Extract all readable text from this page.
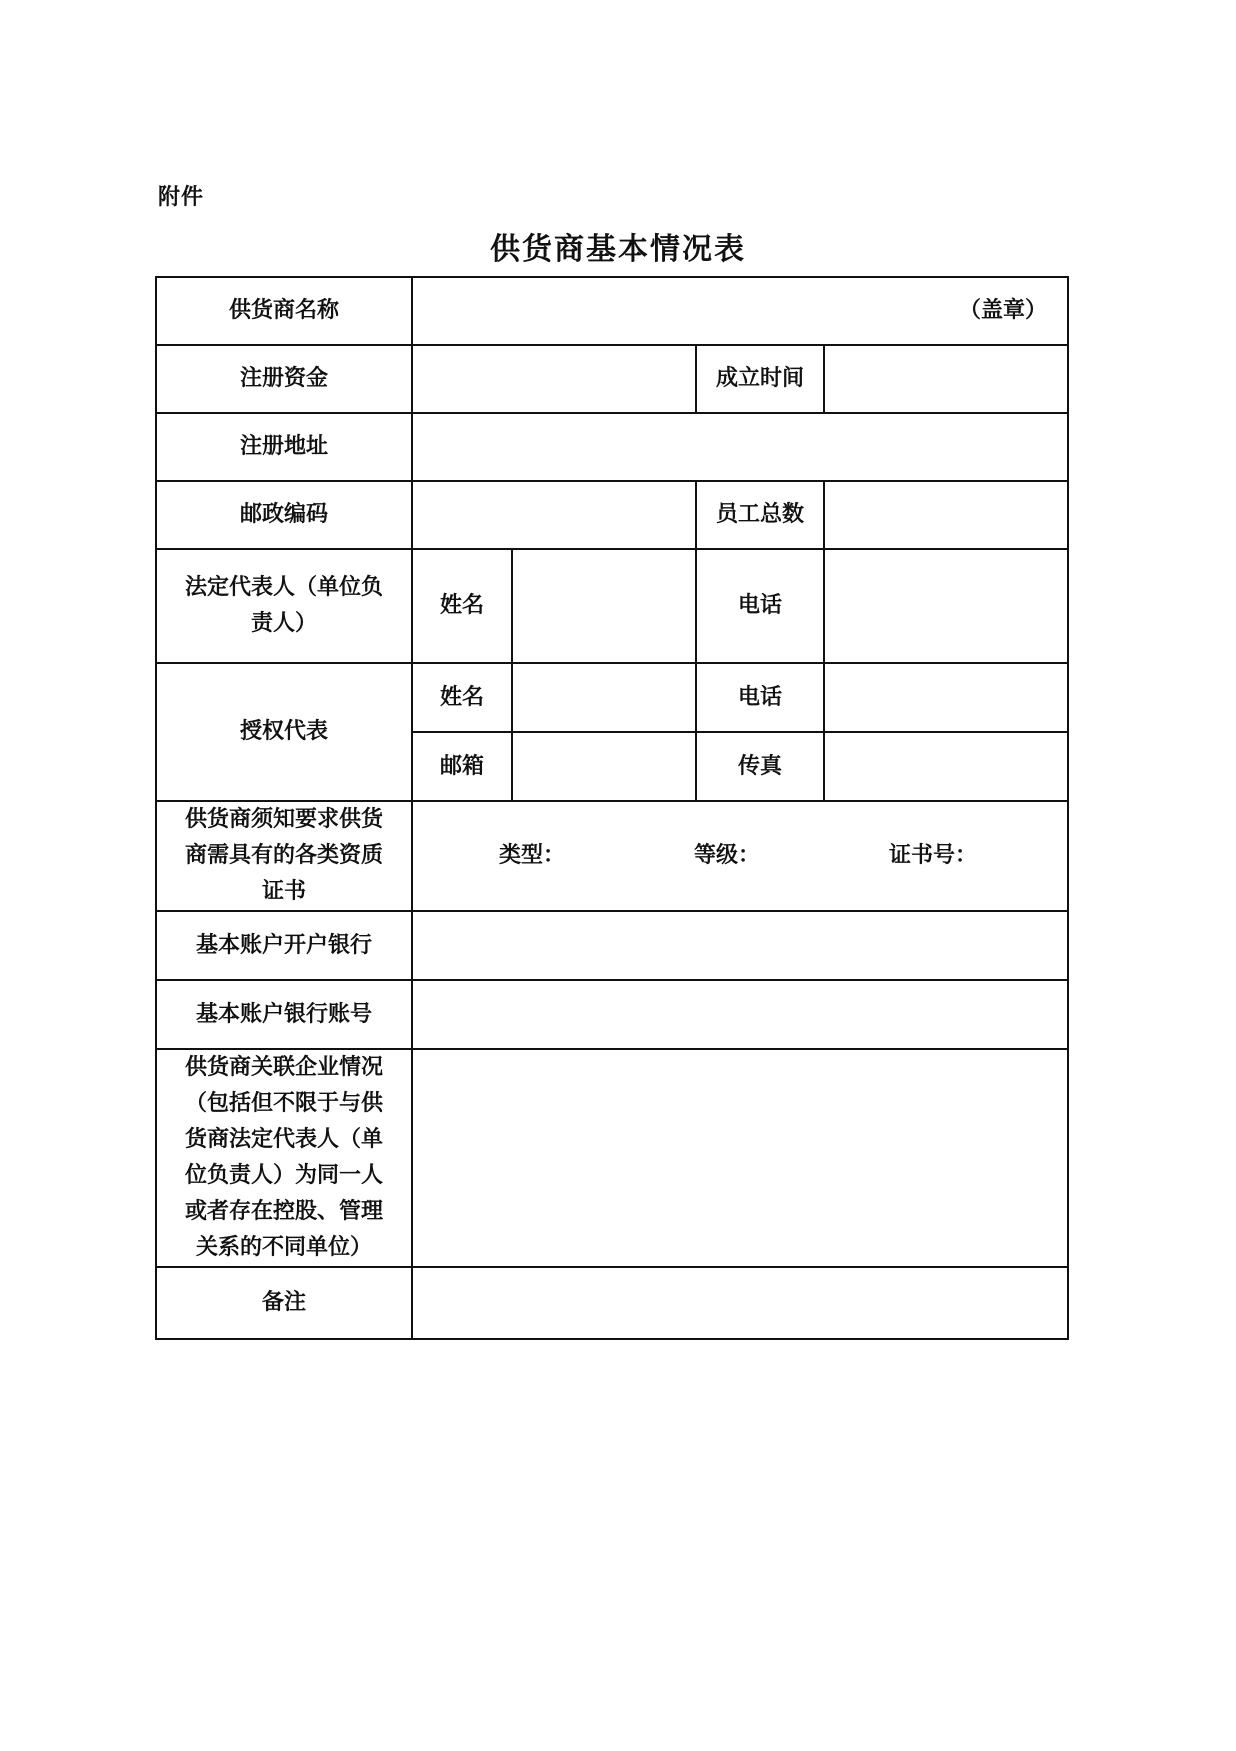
附件
供货商基本情况表
供货商名称	（盖章）			
注册资金			成立时间	
注册地址				
邮政编码			员工总数	
法定代表人（单位负责人）	姓名		电话	
授权代表	姓名		电话	
	邮箱		传真	
供货商须知要求供货商需具有的各类资质证书	类型： 等级： 证书号：			

基本账户开户银行				
基本账户银行账号				
供货商关联企业情况（包括但不限于与供货商法定代表人（单位负责人）为同一人或者存在控股、管理关系的不同单位）				
备注				
